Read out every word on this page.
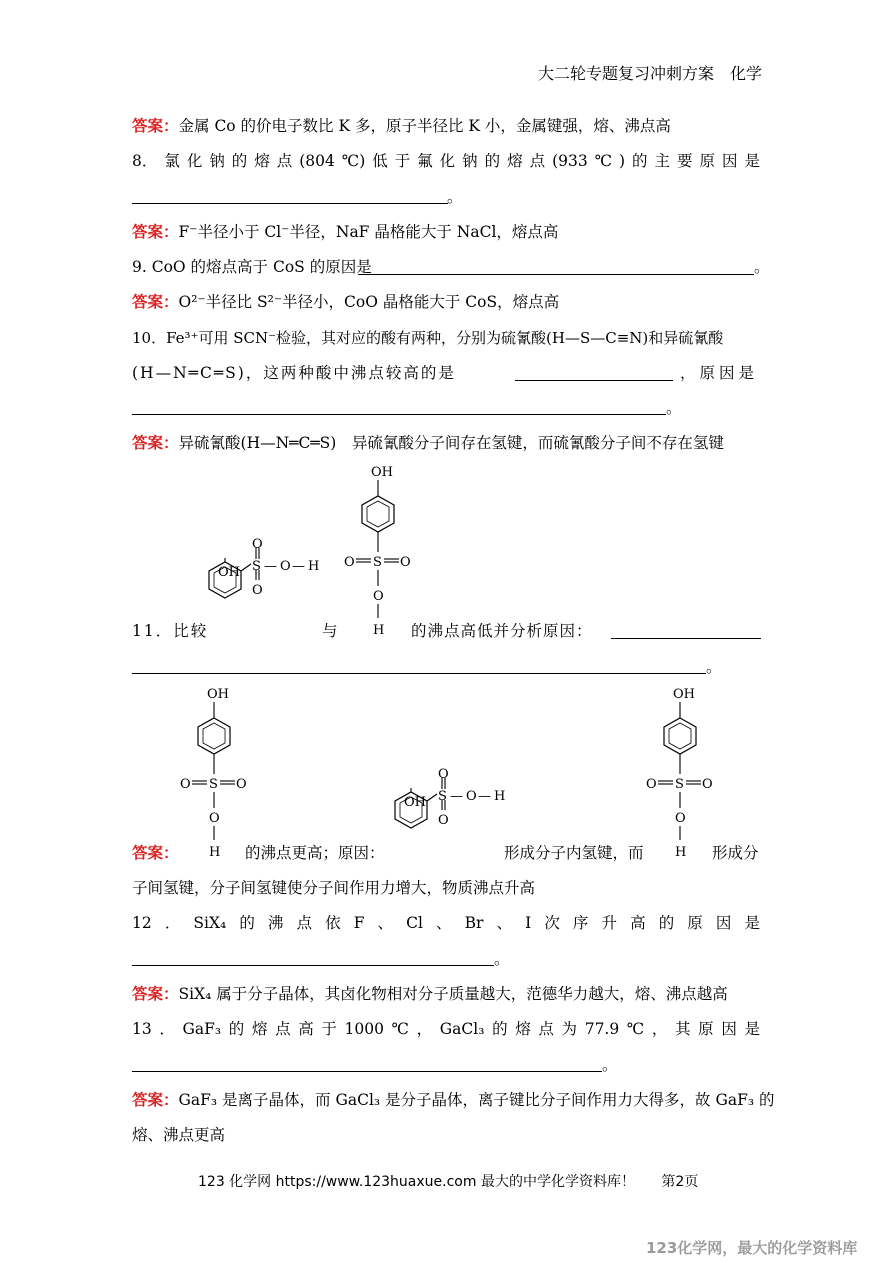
大二轮专题复习冲刺方案　化学
答案：金属 Co 的价电子数比 K 多，原子半径比 K 小，金属键强，熔、沸点高
8． 氯 化 钠 的 熔 点 (804 ℃) 低 于 氟 化 钠 的 熔 点 (933 ℃ ) 的 主 要 原 因 是
。
答案：F⁻半径小于 Cl⁻半径，NaF 晶格能大于 NaCl，熔点高
9. CoO 的熔点高于 CoS 的原因是	。
答案：O²⁻半径比 S²⁻半径小，CoO 晶格能大于 CoS，熔点高
10．Fe³⁺可用 SCN⁻检验，其对应的酸有两种，分别为硫氰酸(H—S—C≡N)和异硫氰酸
(H—N═C═S)，这两种酸中沸点较高的是	，原因是
。
答案：异硫氰酸(H—N═C═S)　异硫氰酸分子间存在氢键，而硫氰酸分子间不存在氢键
OH
O
S
O
— O — H
OH
S
O	O
O
H
11．比较	与	的沸点高低并分析原因：
。
OH
S
O	O
O
H
OH
O
S
O
— O — H
OH
S
O	O
O
H
答案：	的沸点更高；原因：	形成分子内氢键，而	形成分
子间氢键，分子间氢键使分子间作用力增大，物质沸点升高
12 ． SiX₄ 的 沸 点 依 F 、 Cl 、 Br 、 I 次 序 升 高 的 原 因 是
。
答案：SiX₄ 属于分子晶体，其卤化物相对分子质量越大，范德华力越大，熔、沸点越高
13 ． GaF₃ 的 熔 点 高 于 1000 ℃ ， GaCl₃ 的 熔 点 为 77.9 ℃ ， 其 原 因 是
。
答案：GaF₃ 是离子晶体，而 GaCl₃ 是分子晶体，离子键比分子间作用力大得多，故 GaF₃ 的
熔、沸点更高
123 化学网 https://www.123huaxue.com 最大的中学化学资料库！ 第2页
123化学网，最大的化学资料库
